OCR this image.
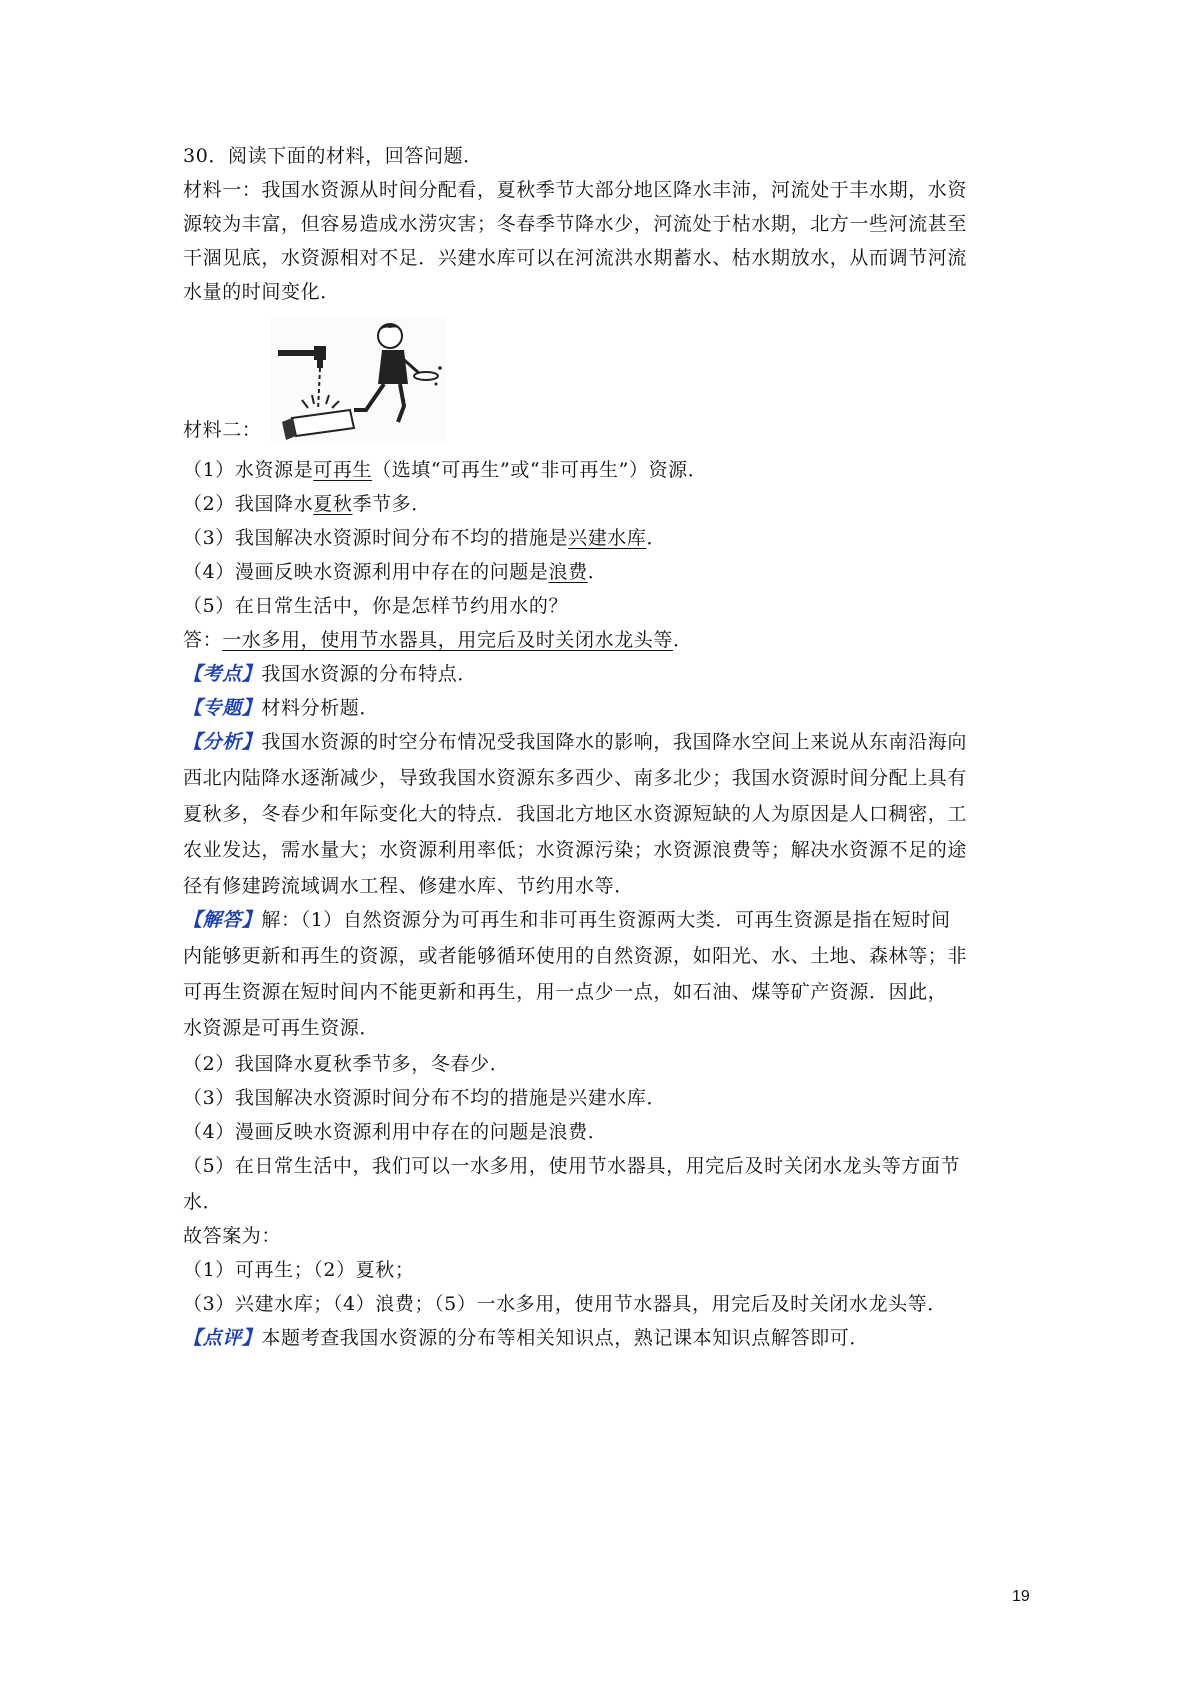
30．阅读下面的材料，回答问题．
材料一：我国水资源从时间分配看，夏秋季节大部分地区降水丰沛，河流处于丰水期，水资
源较为丰富，但容易造成水涝灾害；冬春季节降水少，河流处于枯水期，北方一些河流甚至
干涸见底，水资源相对不足．兴建水库可以在河流洪水期蓄水、枯水期放水，从而调节河流
水量的时间变化．
材料二：
（1）水资源是可再生（选填“可再生”或“非可再生”）资源．
（2）我国降水夏秋季节多．
（3）我国解决水资源时间分布不均的措施是兴建水库．
（4）漫画反映水资源利用中存在的问题是浪费．
（5）在日常生活中，你是怎样节约用水的？
答：一水多用，使用节水器具，用完后及时关闭水龙头等．
【考点】我国水资源的分布特点．
【专题】材料分析题．
【分析】我国水资源的时空分布情况受我国降水的影响，我国降水空间上来说从东南沿海向
西北内陆降水逐渐减少，导致我国水资源东多西少、南多北少；我国水资源时间分配上具有
夏秋多，冬春少和年际变化大的特点．我国北方地区水资源短缺的人为原因是人口稠密，工
农业发达，需水量大；水资源利用率低；水资源污染；水资源浪费等；解决水资源不足的途
径有修建跨流域调水工程、修建水库、节约用水等．
【解答】解：（1）自然资源分为可再生和非可再生资源两大类．可再生资源是指在短时间
内能够更新和再生的资源，或者能够循环使用的自然资源，如阳光、水、土地、森林等；非
可再生资源在短时间内不能更新和再生，用一点少一点，如石油、煤等矿产资源．因此，
水资源是可再生资源．
（2）我国降水夏秋季节多，冬春少．
（3）我国解决水资源时间分布不均的措施是兴建水库．
（4）漫画反映水资源利用中存在的问题是浪费．
（5）在日常生活中，我们可以一水多用，使用节水器具，用完后及时关闭水龙头等方面节
水．
故答案为：
（1）可再生；（2）夏秋；
（3）兴建水库；（4）浪费；（5）一水多用，使用节水器具，用完后及时关闭水龙头等．
【点评】本题考查我国水资源的分布等相关知识点，熟记课本知识点解答即可．
19
